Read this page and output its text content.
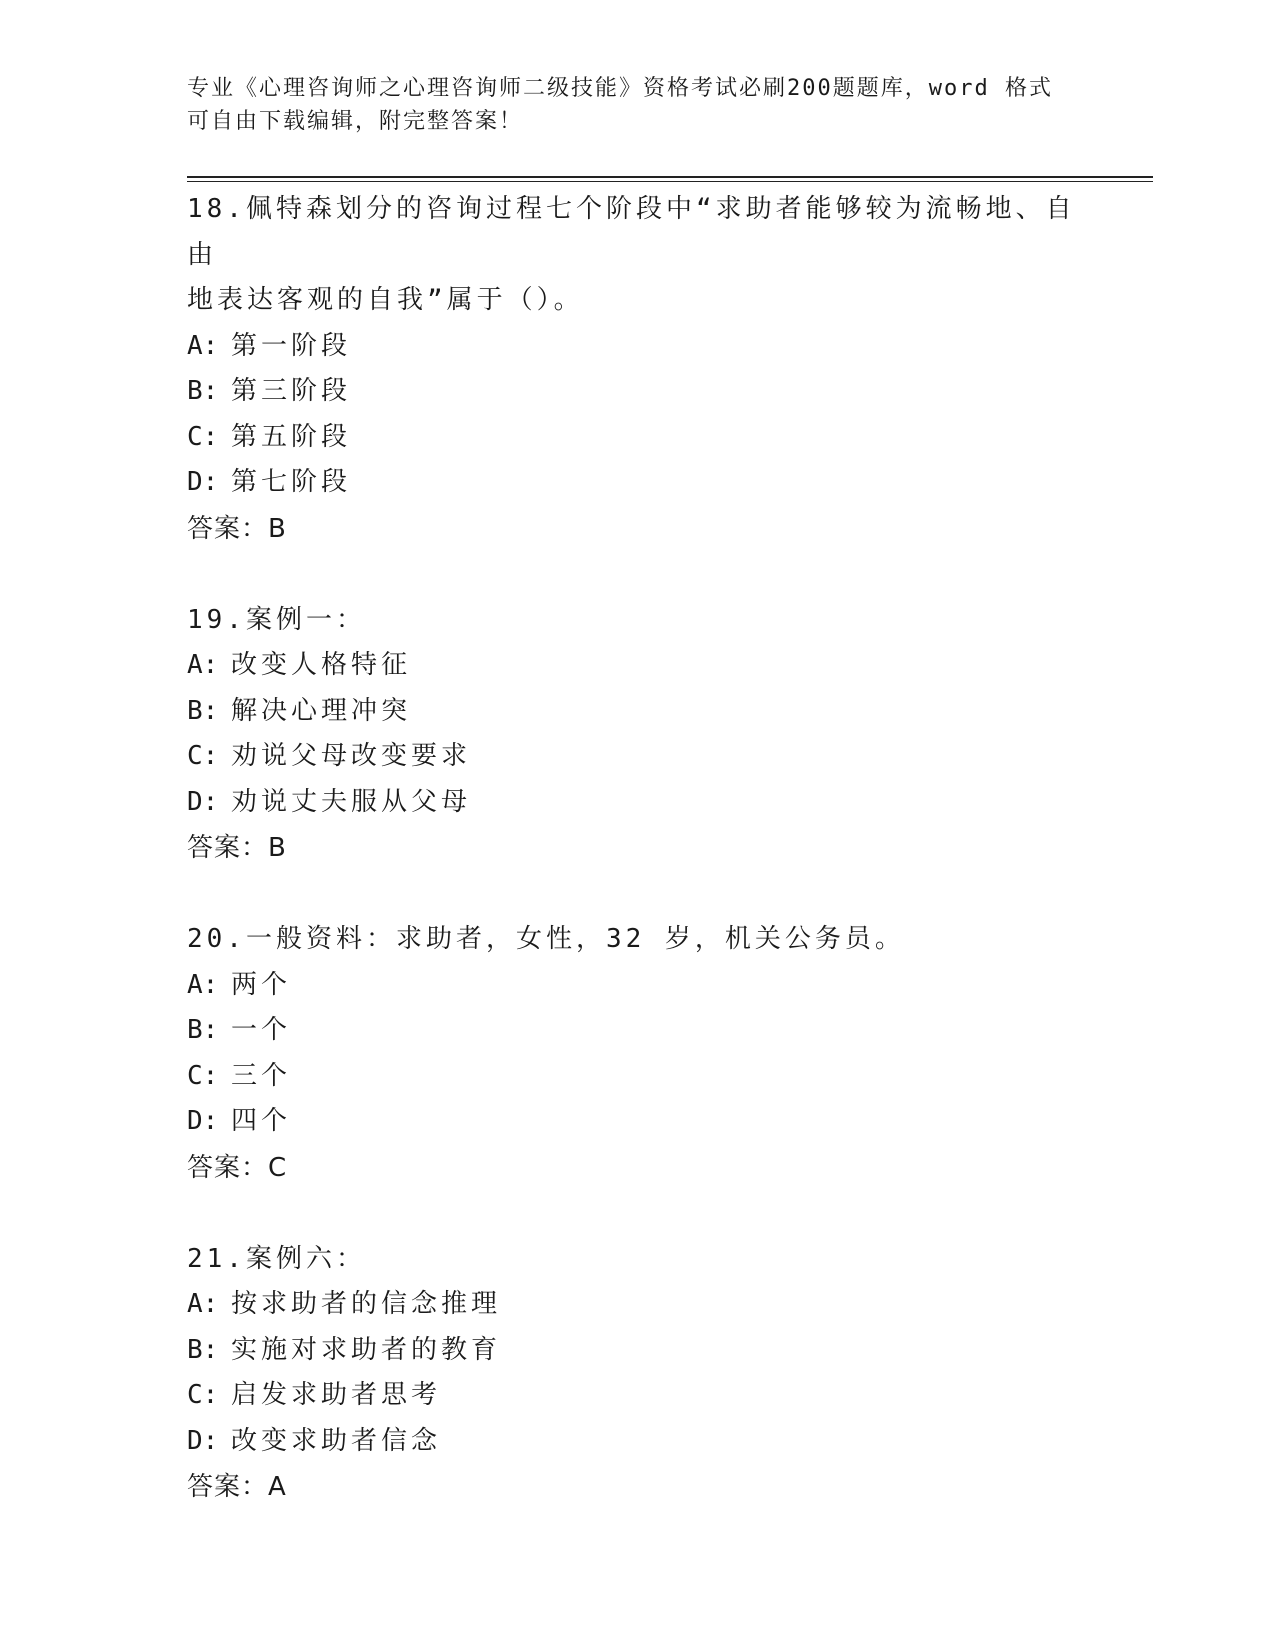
专业《心理咨询师之心理咨询师二级技能》资格考试必刷200题题库，word 格式
可自由下载编辑，附完整答案！
18.佩特森划分的咨询过程七个阶段中“求助者能够较为流畅地、自由
地表达客观的自我”属于（）。
A: 第一阶段
B: 第三阶段
C: 第五阶段
D: 第七阶段
答案：B
19.案例一：
A: 改变人格特征
B: 解决心理冲突
C: 劝说父母改变要求
D: 劝说丈夫服从父母
答案：B
20.一般资料：求助者，女性，32 岁，机关公务员。
A: 两个
B: 一个
C: 三个
D: 四个
答案：C
21.案例六：
A: 按求助者的信念推理
B: 实施对求助者的教育
C: 启发求助者思考
D: 改变求助者信念
答案：A
